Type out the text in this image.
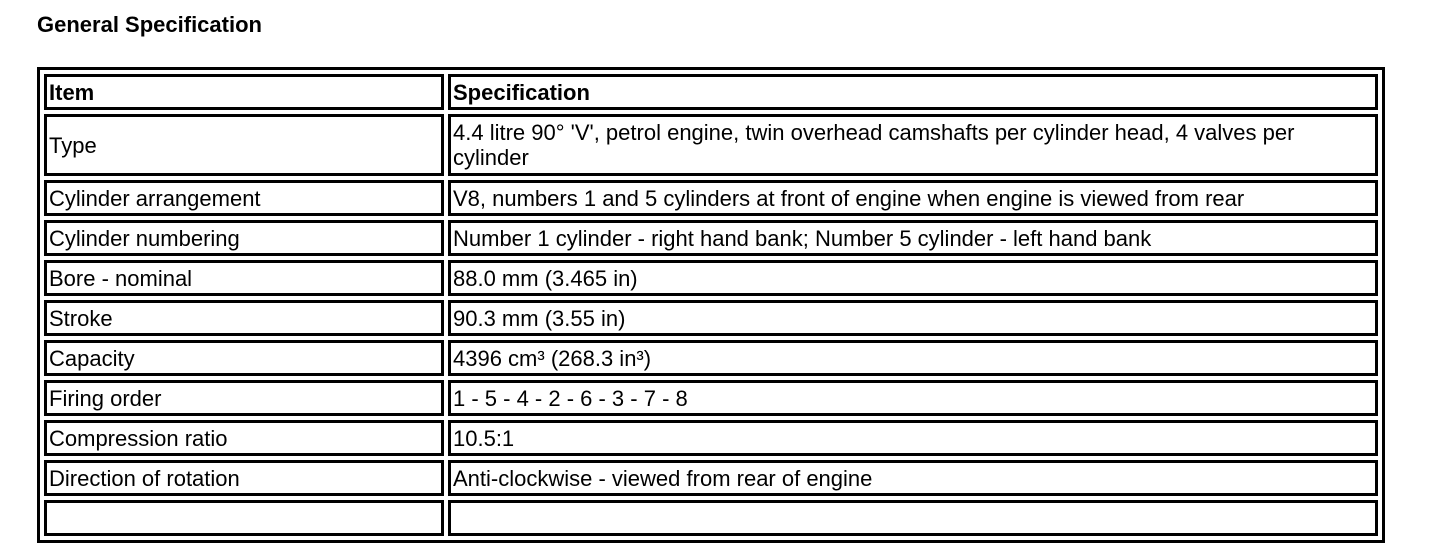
General Specification
Item	Specification
Type	4.4 litre 90° 'V', petrol engine, twin overhead camshafts per cylinder head, 4 valves per cylinder
Cylinder arrangement	V8, numbers 1 and 5 cylinders at front of engine when engine is viewed from rear
Cylinder numbering	Number 1 cylinder - right hand bank; Number 5 cylinder - left hand bank
Bore - nominal	88.0 mm (3.465 in)
Stroke	90.3 mm (3.55 in)
Capacity	4396 cm³ (268.3 in³)
Firing order	1 - 5 - 4 - 2 - 6 - 3 - 7 - 8
Compression ratio	10.5:1
Direction of rotation	Anti-clockwise - viewed from rear of engine
